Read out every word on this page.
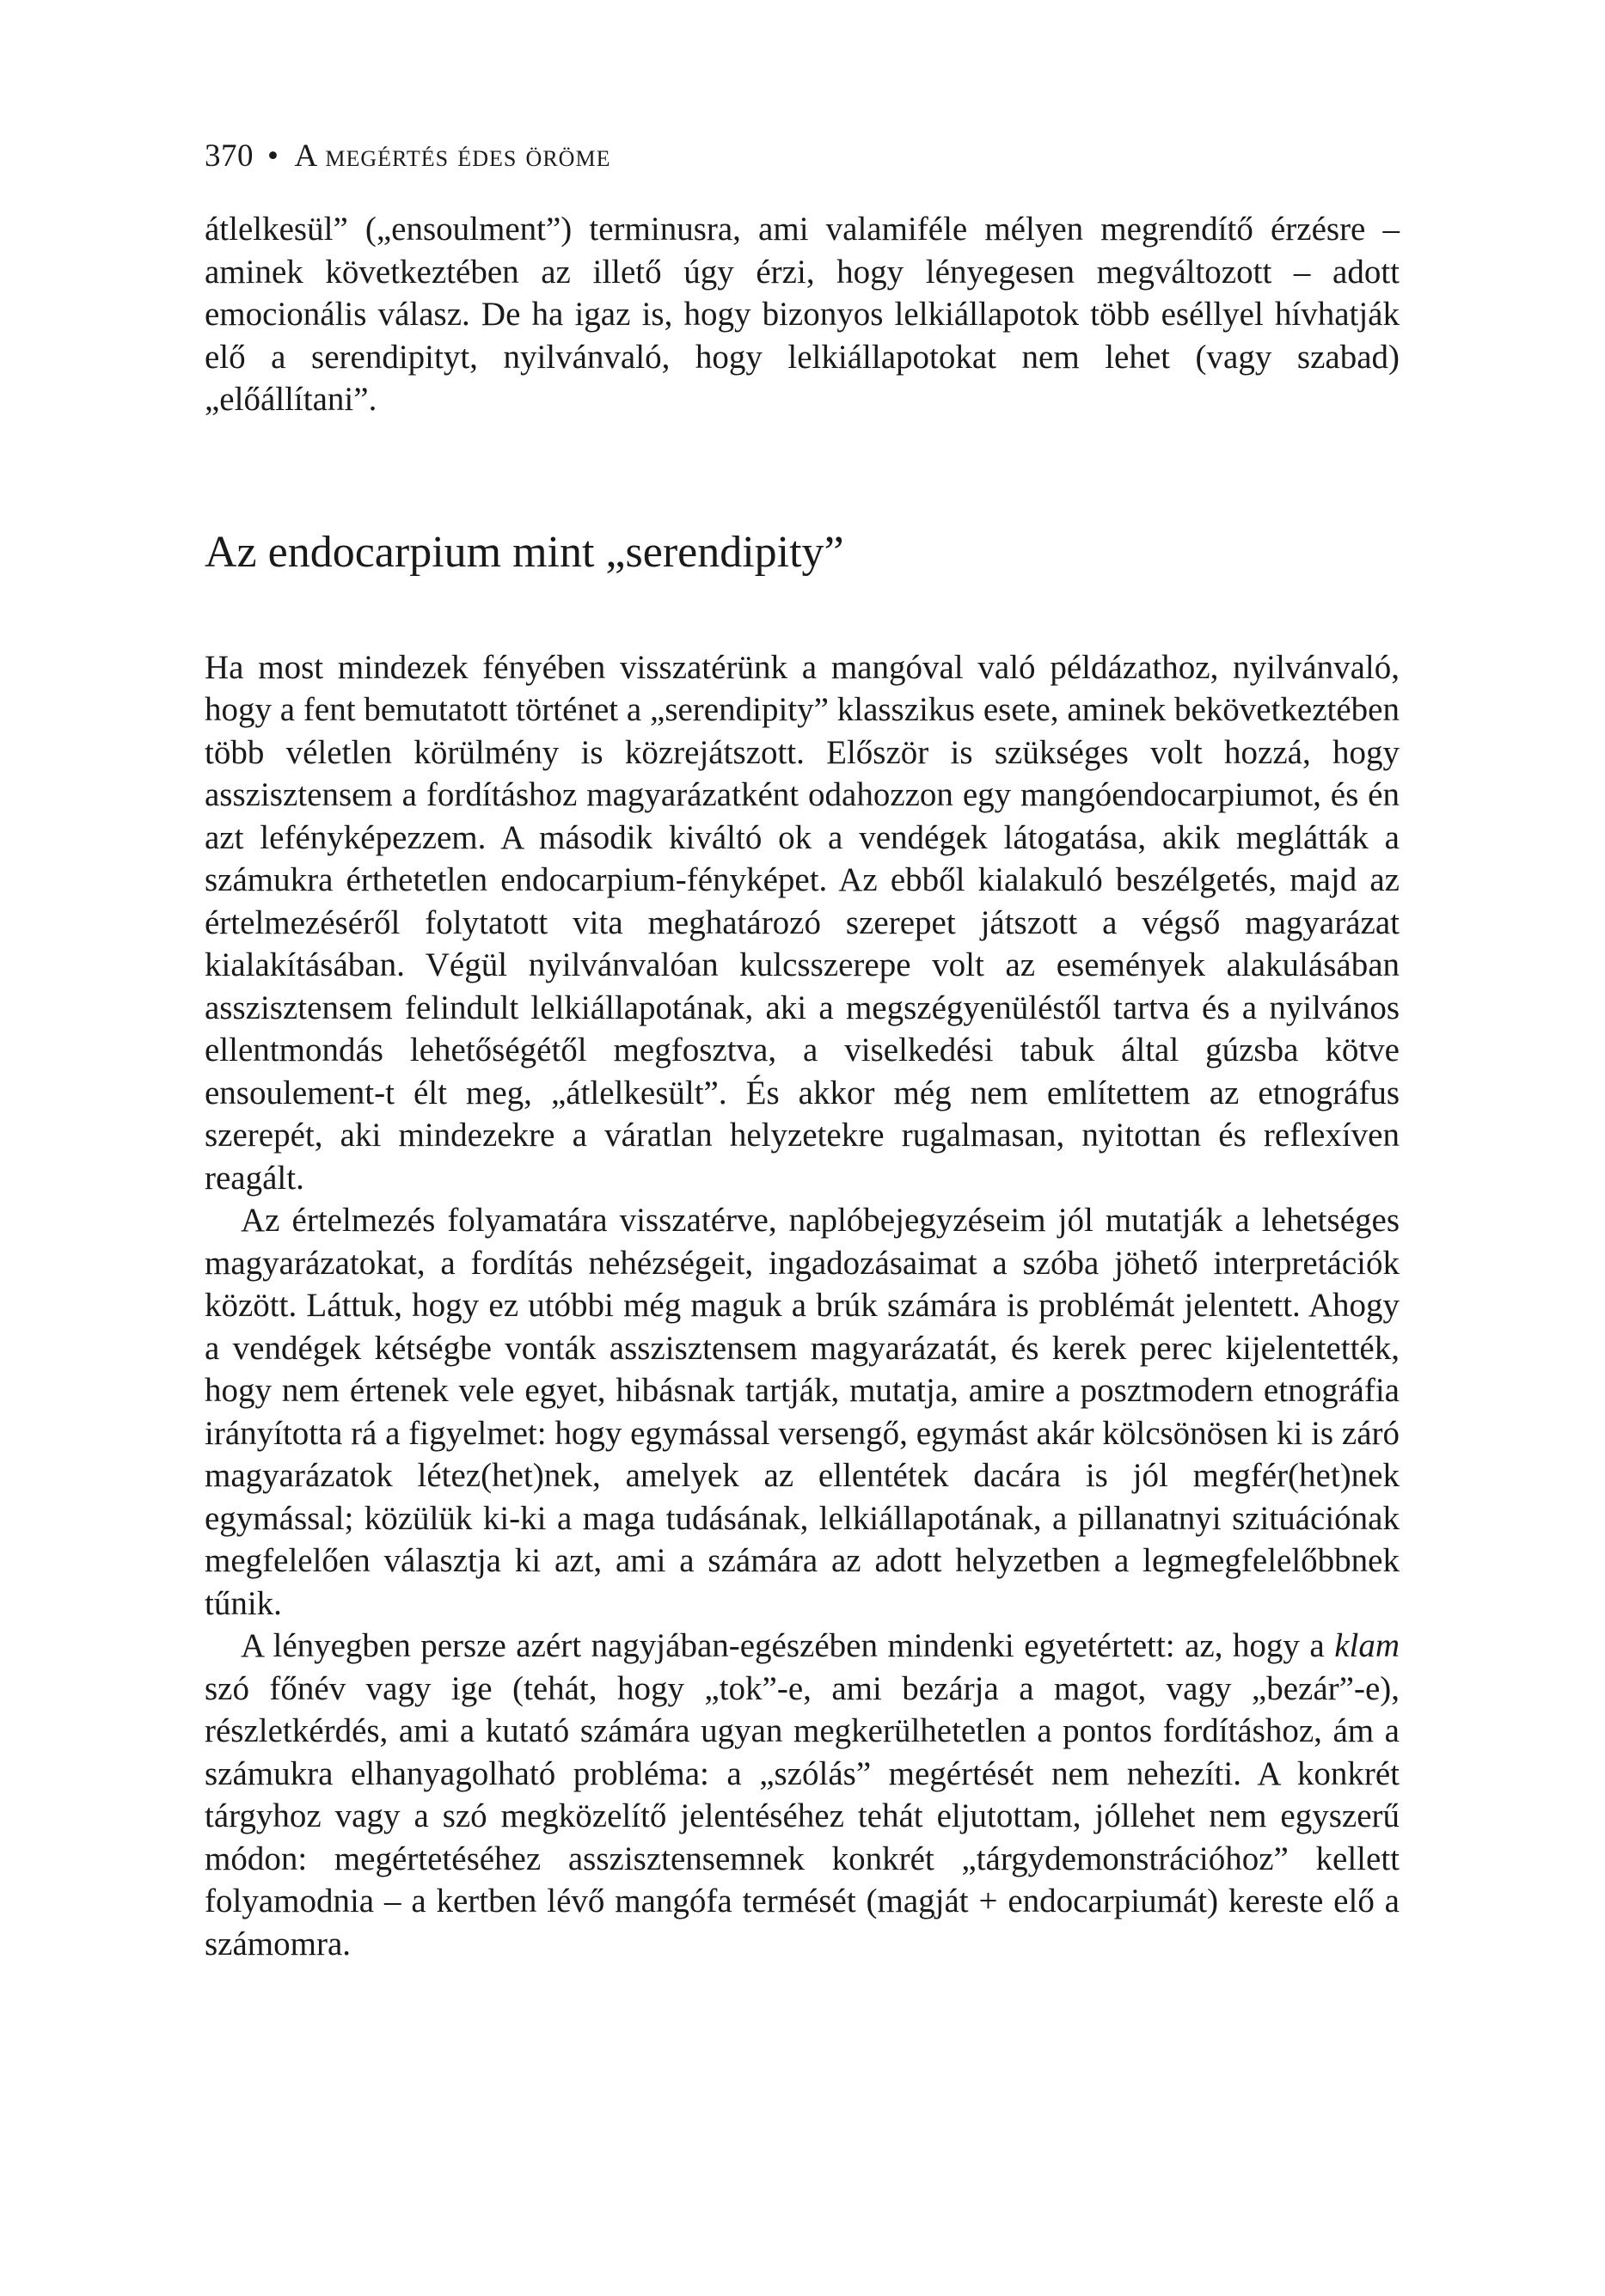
370 • A megértés édes öröme

átlelkesül” („ensoulment”) terminusra, ami valamiféle mélyen megrendítő érzésre – aminek következtében az illető úgy érzi, hogy lényegesen megváltozott – adott emocionális válasz. De ha igaz is, hogy bizonyos lelkiállapotok több eséllyel hívhatják elő a serendipityt, nyilvánvaló, hogy lelkiállapotokat nem lehet (vagy szabad) „előállítani”.

Az endocarpium mint „serendipity”

Ha most mindezek fényében visszatérünk a mangóval való példázathoz, nyilvánvaló, hogy a fent bemutatott történet a „serendipity” klasszikus esete, aminek bekövetkeztében több véletlen körülmény is közrejátszott. Először is szükséges volt hozzá, hogy asszisztensem a fordításhoz magyarázatként odahozzon egy mangóendocarpiumot, és én azt lefényképezzem. A második kiváltó ok a vendégek látogatása, akik meglátták a számukra érthetetlen endocarpium-fényképet. Az ebből kialakuló beszélgetés, majd az értelmezéséről folytatott vita meghatározó szerepet játszott a végső magyarázat kialakításában. Végül nyilvánvalóan kulcsszerepe volt az események alakulásában asszisztensem felindult lelkiállapotának, aki a megszégyenüléstől tartva és a nyilvános ellentmondás lehetőségétől megfosztva, a viselkedési tabuk által gúzsba kötve ensoulement-t élt meg, „átlelkesült”. És akkor még nem említettem az etnográfus szerepét, aki mindezekre a váratlan helyzetekre rugalmasan, nyitottan és reflexíven reagált.

Az értelmezés folyamatára visszatérve, naplóbejegyzéseim jól mutatják a lehetséges magyarázatokat, a fordítás nehézségeit, ingadozásaimat a szóba jöhető interpretációk között. Láttuk, hogy ez utóbbi még maguk a brúk számára is problémát jelentett. Ahogy a vendégek kétségbe vonták asszisztensem magyarázatát, és kerek perec kijelentették, hogy nem értenek vele egyet, hibásnak tartják, mutatja, amire a posztmodern etnográfia irányította rá a figyelmet: hogy egymással versengő, egymást akár kölcsönösen ki is záró magyarázatok létez(het)nek, amelyek az ellentétek dacára is jól megfér(het)nek egymással; közülük ki-ki a maga tudásának, lelkiállapotának, a pillanatnyi szituációnak megfelelően választja ki azt, ami a számára az adott helyzetben a legmegfelelőbbnek tűnik.

A lényegben persze azért nagyjában-egészében mindenki egyetértett: az, hogy a klam szó főnév vagy ige (tehát, hogy „tok”-e, ami bezárja a magot, vagy „bezár”-e), részletkérdés, ami a kutató számára ugyan megkerülhetetlen a pontos fordításhoz, ám a számukra elhanyagolható probléma: a „szólás” megértését nem nehezíti. A konkrét tárgyhoz vagy a szó megközelítő jelentéséhez tehát eljutottam, jóllehet nem egyszerű módon: megértetéséhez asszisztensemnek konkrét „tárgydemonstrációhoz” kellett folyamodnia – a kertben lévő mangófa termését (magját + endocarpiumát) kereste elő a számomra.
